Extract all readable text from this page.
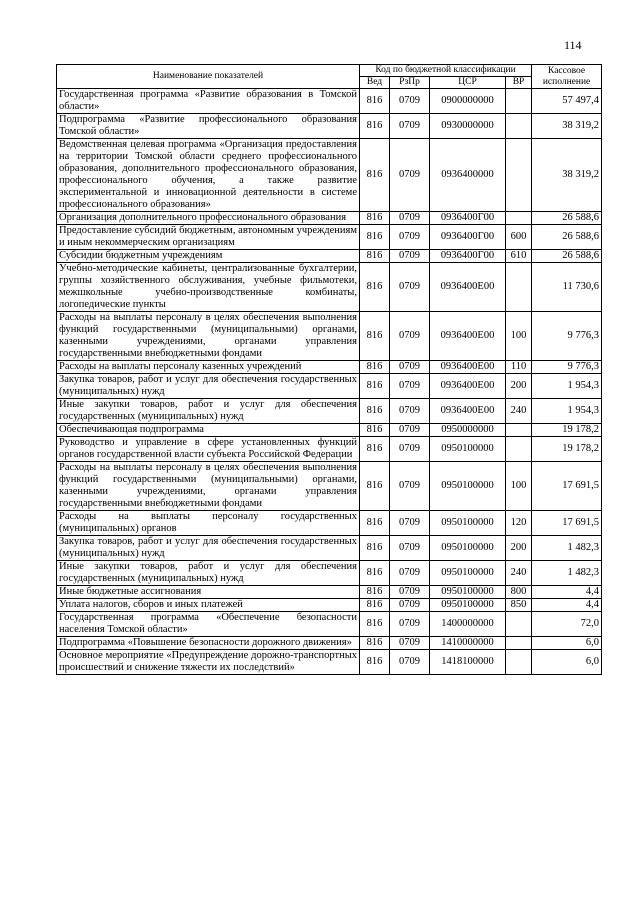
114
Наименование показателей	Код по бюджетной классификации				Кассовое исполнение
	Вед	РзПр	ЦСР	ВР	
Государственная программа «Развитие образования в Томской области»	816	0709	0900000000		57 497,4
Подпрограмма «Развитие профессионального образования Томской области»	816	0709	0930000000		38 319,2
Ведомственная целевая программа «Организация предоставления на территории Томской области среднего профессионального образования, дополнительного профессионального образования, профессионального обучения, а также развитие экспериментальной и инновационной деятельности в системе профессионального образования»	816	0709	0936400000		38 319,2
Организация дополнительного профессионального образования	816	0709	0936400Г00		26 588,6
Предоставление субсидий бюджетным, автономным учреждениям и иным некоммерческим организациям	816	0709	0936400Г00	600	26 588,6
Субсидии бюджетным учреждениям	816	0709	0936400Г00	610	26 588,6
Учебно-методические кабинеты, централизованные бухгалтерии, группы хозяйственного обслуживания, учебные фильмотеки, межшкольные учебно-производственные комбинаты, логопедические пункты	816	0709	0936400Е00		11 730,6
Расходы на выплаты персоналу в целях обеспечения выполнения функций государственными (муниципальными) органами, казенными учреждениями, органами управления государственными внебюджетными фондами	816	0709	0936400Е00	100	9 776,3
Расходы на выплаты персоналу казенных учреждений	816	0709	0936400Е00	110	9 776,3
Закупка товаров, работ и услуг для обеспечения государственных (муниципальных) нужд	816	0709	0936400Е00	200	1 954,3
Иные закупки товаров, работ и услуг для обеспечения государственных (муниципальных) нужд	816	0709	0936400Е00	240	1 954,3
Обеспечивающая подпрограмма	816	0709	0950000000		19 178,2
Руководство и управление в сфере установленных функций органов государственной власти субъекта Российской Федерации	816	0709	0950100000		19 178,2
Расходы на выплаты персоналу в целях обеспечения выполнения функций государственными (муниципальными) органами, казенными учреждениями, органами управления государственными внебюджетными фондами	816	0709	0950100000	100	17 691,5
Расходы на выплаты персоналу государственных (муниципальных) органов	816	0709	0950100000	120	17 691,5
Закупка товаров, работ и услуг для обеспечения государственных (муниципальных) нужд	816	0709	0950100000	200	1 482,3
Иные закупки товаров, работ и услуг для обеспечения государственных (муниципальных) нужд	816	0709	0950100000	240	1 482,3
Иные бюджетные ассигнования	816	0709	0950100000	800	4,4
Уплата налогов, сборов и иных платежей	816	0709	0950100000	850	4,4
Государственная программа «Обеспечение безопасности населения Томской области»	816	0709	1400000000		72,0
Подпрограмма «Повышение безопасности дорожного движения»	816	0709	1410000000		6,0
Основное мероприятие «Предупреждение дорожно-транспортных происшествий и снижение тяжести их последствий»	816	0709	1418100000		6,0
